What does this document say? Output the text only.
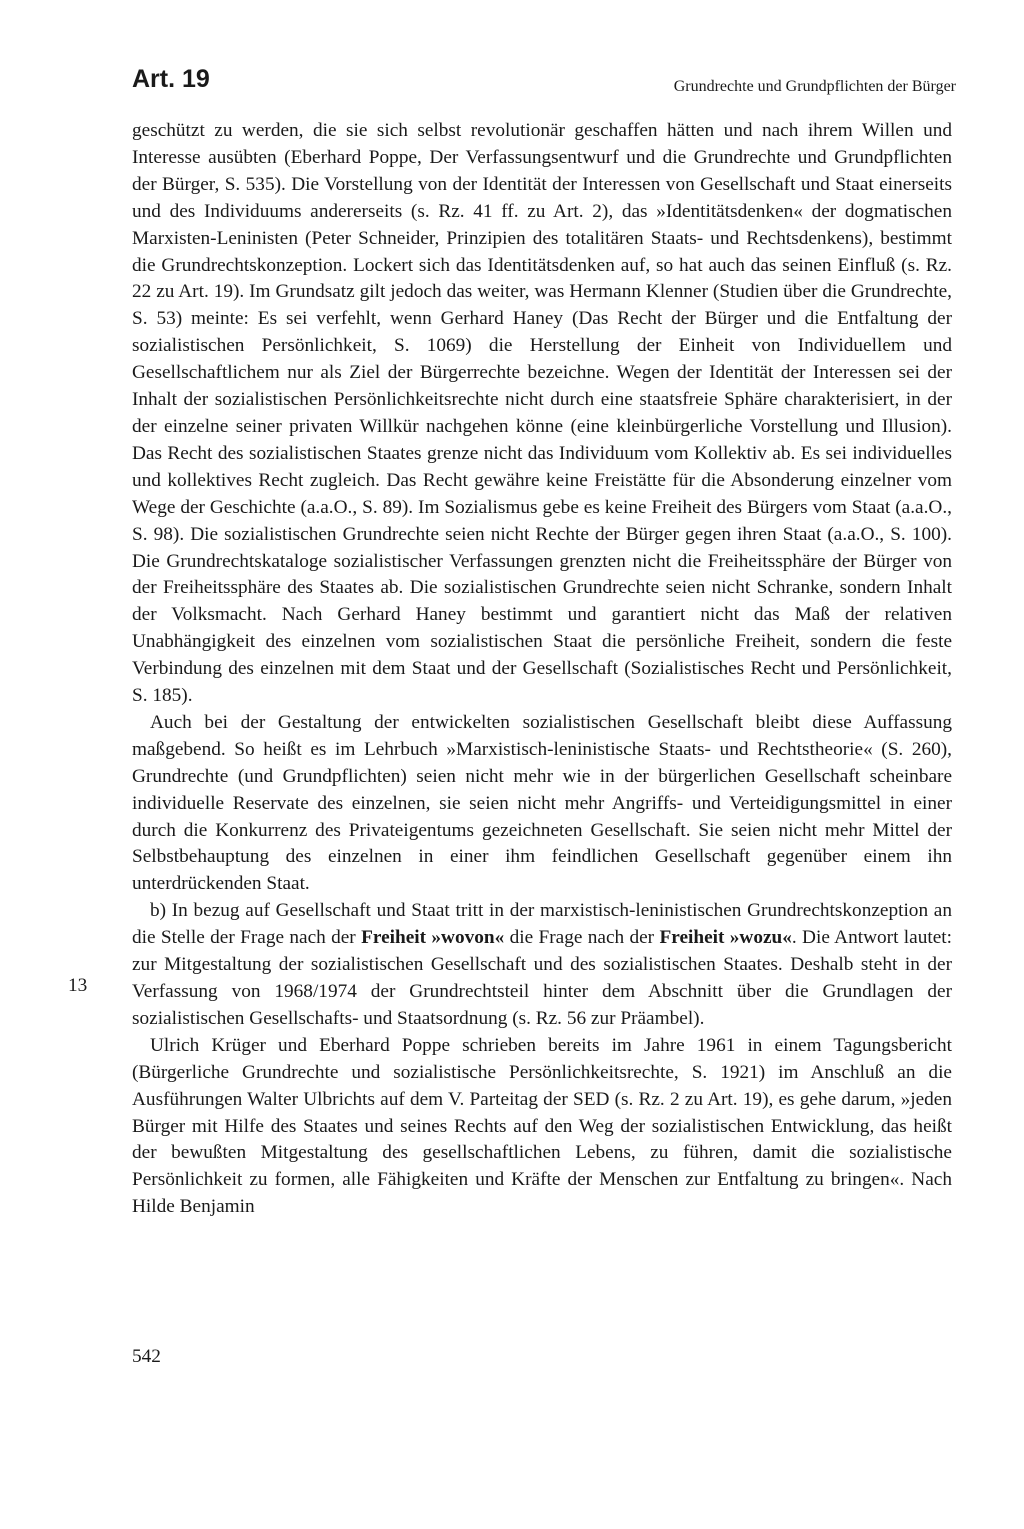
Art. 19	Grundrechte und Grundpflichten der Bürger
13

geschützt zu werden, die sie sich selbst revolutionär geschaffen hätten und nach ihrem Willen und Interesse ausübten (Eberhard Poppe, Der Verfassungsentwurf und die Grundrechte und Grundpflichten der Bürger, S. 535). Die Vorstellung von der Identität der Interessen von Gesellschaft und Staat einerseits und des Individuums andererseits (s. Rz. 41 ff. zu Art. 2), das »Identitätsdenken« der dogmatischen Marxisten-Leninisten (Peter Schneider, Prinzipien des totalitären Staats- und Rechtsdenkens), bestimmt die Grundrechtskonzeption. Lockert sich das Identitätsdenken auf, so hat auch das seinen Einfluß (s. Rz. 22 zu Art. 19). Im Grundsatz gilt jedoch das weiter, was Hermann Klenner (Studien über die Grundrechte, S. 53) meinte: Es sei verfehlt, wenn Gerhard Haney (Das Recht der Bürger und die Entfaltung der sozialistischen Persönlichkeit, S. 1069) die Herstellung der Einheit von Individuellem und Gesellschaftlichem nur als Ziel der Bürgerrechte bezeichne. Wegen der Identität der Interessen sei der Inhalt der sozialistischen Persönlichkeitsrechte nicht durch eine staatsfreie Sphäre charakterisiert, in der der einzelne seiner privaten Willkür nachgehen könne (eine kleinbürgerliche Vorstellung und Illusion). Das Recht des sozialistischen Staates grenze nicht das Individuum vom Kollektiv ab. Es sei individuelles und kollektives Recht zugleich. Das Recht gewähre keine Freistätte für die Absonderung einzelner vom Wege der Geschichte (a.a.O., S. 89). Im Sozialismus gebe es keine Freiheit des Bürgers vom Staat (a.a.O., S. 98). Die sozialistischen Grundrechte seien nicht Rechte der Bürger gegen ihren Staat (a.a.O., S. 100). Die Grundrechtskataloge sozialistischer Verfassungen grenzten nicht die Freiheitssphäre der Bürger von der Freiheitssphäre des Staates ab. Die sozialistischen Grundrechte seien nicht Schranke, sondern Inhalt der Volksmacht. Nach Gerhard Haney bestimmt und garantiert nicht das Maß der relativen Unabhängigkeit des einzelnen vom sozialistischen Staat die persönliche Freiheit, sondern die feste Verbindung des einzelnen mit dem Staat und der Gesellschaft (Sozialistisches Recht und Persönlichkeit, S. 185).

Auch bei der Gestaltung der entwickelten sozialistischen Gesellschaft bleibt diese Auffassung maßgebend. So heißt es im Lehrbuch »Marxistisch-leninistische Staats- und Rechtstheorie« (S. 260), Grundrechte (und Grundpflichten) seien nicht mehr wie in der bürgerlichen Gesellschaft scheinbare individuelle Reservate des einzelnen, sie seien nicht mehr Angriffs- und Verteidigungsmittel in einer durch die Konkurrenz des Privateigentums gezeichneten Gesellschaft. Sie seien nicht mehr Mittel der Selbstbehauptung des einzelnen in einer ihm feindlichen Gesellschaft gegenüber einem ihn unterdrückenden Staat.

b) In bezug auf Gesellschaft und Staat tritt in der marxistisch-leninistischen Grundrechtskonzeption an die Stelle der Frage nach der Freiheit »wovon« die Frage nach der Freiheit »wozu«. Die Antwort lautet: zur Mitgestaltung der sozialistischen Gesellschaft und des sozialistischen Staates. Deshalb steht in der Verfassung von 1968/1974 der Grundrechtsteil hinter dem Abschnitt über die Grundlagen der sozialistischen Gesellschafts- und Staatsordnung (s. Rz. 56 zur Präambel).

Ulrich Krüger und Eberhard Poppe schrieben bereits im Jahre 1961 in einem Tagungsbericht (Bürgerliche Grundrechte und sozialistische Persönlichkeitsrechte, S. 1921) im Anschluß an die Ausführungen Walter Ulbrichts auf dem V. Parteitag der SED (s. Rz. 2 zu Art. 19), es gehe darum, »jeden Bürger mit Hilfe des Staates und seines Rechts auf den Weg der sozialistischen Entwicklung, das heißt der bewußten Mitgestaltung des gesellschaftlichen Lebens, zu führen, damit die sozialistische Persönlichkeit zu formen, alle Fähigkeiten und Kräfte der Menschen zur Entfaltung zu bringen«. Nach Hilde Benjamin

542
